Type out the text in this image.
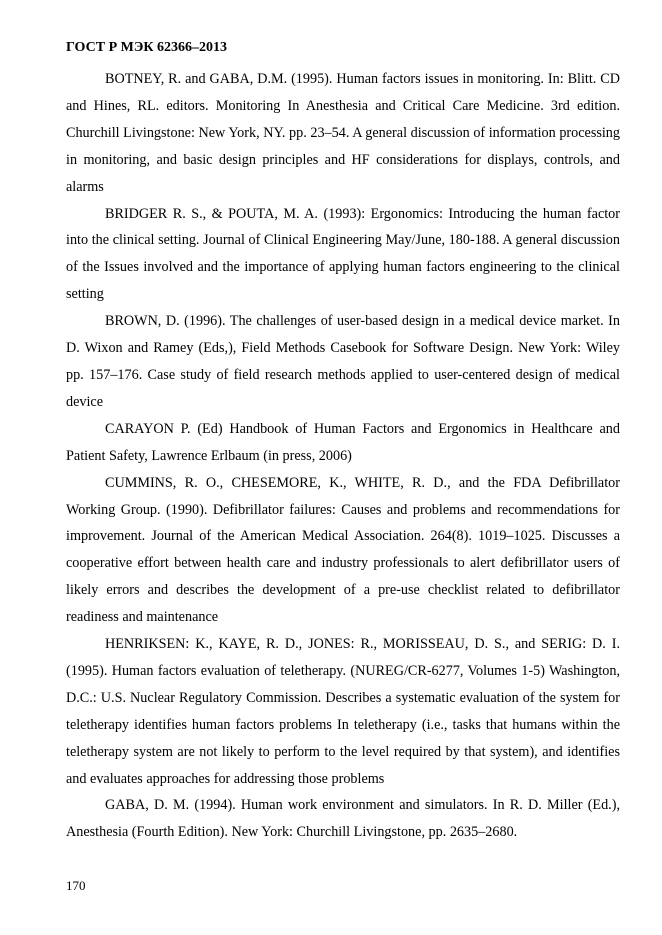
ГОСТ Р МЭК 62366–2013

BOTNEY, R. and GABA, D.M. (1995). Human factors issues in monitoring. In: Blitt. CD and Hines, RL. editors. Monitoring In Anesthesia and Critical Care Medicine. 3rd edition. Churchill Livingstone: New York, NY. pp. 23–54. A general discussion of information processing in monitoring, and basic design principles and HF considerations for displays, controls, and alarms

BRIDGER R. S., & POUTA, M. A. (1993): Ergonomics: Introducing the human factor into the clinical setting. Journal of Clinical Engineering May/June, 180-188. A general discussion of the Issues involved and the importance of applying human factors engineering to the clinical setting

BROWN, D. (1996). The challenges of user-based design in a medical device market. In D. Wixon and Ramey (Eds,), Field Methods Casebook for Software Design. New York: Wiley pp. 157–176. Case study of field research methods applied to user-centered design of medical device

CARAYON P. (Ed) Handbook of Human Factors and Ergonomics in Healthcare and Patient Safety, Lawrence Erlbaum (in press, 2006)

CUMMINS, R. O., CHESEMORE, K., WHITE, R. D., and the FDA Defibrillator Working Group. (1990). Defibrillator failures: Causes and problems and recommendations for improvement. Journal of the American Medical Association. 264(8). 1019–1025. Discusses a cooperative effort between health care and industry professionals to alert defibrillator users of likely errors and describes the development of a pre-use checklist related to defibrillator readiness and maintenance

HENRIKSEN: K., KAYE, R. D., JONES: R., MORISSEAU, D. S., and SERIG: D. I. (1995). Human factors evaluation of teletherapy. (NUREG/CR-6277, Volumes 1-5) Washington, D.C.: U.S. Nuclear Regulatory Commission. Describes a systematic evaluation of the system for teletherapy identifies human factors problems In teletherapy (i.e., tasks that humans within the teletherapy system are not likely to perform to the level required by that system), and identifies and evaluates approaches for addressing those problems

GABA, D. M. (1994). Human work environment and simulators. In R. D. Miller (Ed.), Anesthesia (Fourth Edition). New York: Churchill Livingstone, pp. 2635–2680.

170
